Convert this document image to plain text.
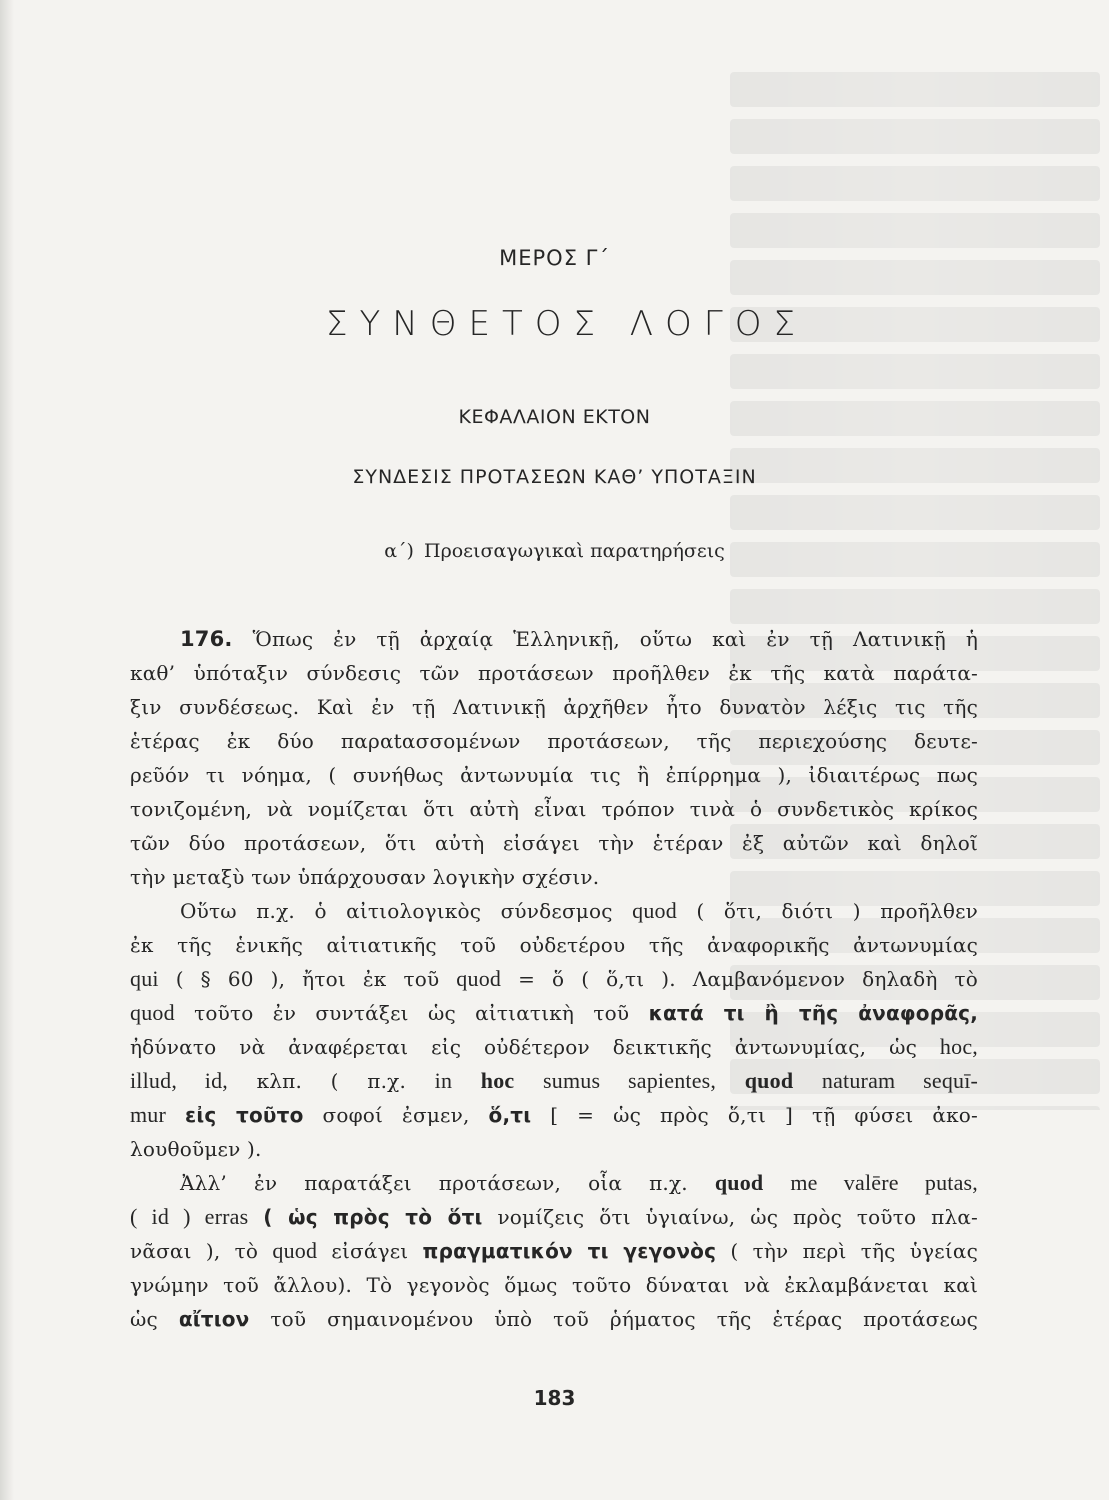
ΜΕΡΟΣ Γ΄
ΣΥΝΘΕΤΟΣ ΛΟΓΟΣ
ΚΕΦΑΛΑΙΟΝ ΕΚΤΟΝ
ΣΥΝΔΕΣΙΣ ΠΡΟΤΑΣΕΩΝ ΚΑΘ’ ΥΠΟΤΑΞΙΝ
α΄) Προεισαγωγικαὶ παρατηρήσεις
176. Ὅπως ἐν τῇ ἀρχαίᾳ Ἑλληνικῇ, οὕτω καὶ ἐν τῇ Λατινικῇ ἡ
καθ’ ὑπόταξιν σύνδεσις τῶν προτάσεων προῆλθεν ἐκ τῆς κατὰ παράτα-
ξιν συνδέσεως. Καὶ ἐν τῇ Λατινικῇ ἀρχῆθεν ἦτο δυνατὸν λέξις τις τῆς
ἑτέρας ἐκ δύο παραtασσομένων προτάσεων, τῆς περιεχούσης δευτε-
ρεῦόν τι νόημα, ( συνήθως ἀντωνυμία τις ἢ ἐπίρρημα ), ἰδιαιτέρως πως
τονιζομένη, νὰ νομίζεται ὅτι αὐτὴ εἶναι τρόπον τινὰ ὁ συνδετικὸς κρίκος
τῶν δύο προτάσεων, ὅτι αὐτὴ εἰσάγει τὴν ἑτέραν ἐξ αὐτῶν καὶ δηλοῖ
τὴν μεταξὺ των ὑπάρχουσαν λογικὴν σχέσιν.
Οὕτω π.χ. ὁ αἰτιολογικὸς σύνδεσμος quod ( ὅτι, διότι ) προῆλθεν
ἐκ τῆς ἑνικῆς αἰτιατικῆς τοῦ οὐδετέρου τῆς ἀναφορικῆς ἀντωνυμίας
qui ( § 60 ), ἤτοι ἐκ τοῦ quod = ὅ ( ὅ,τι ). Λαμβανόμενον δηλαδὴ τὸ
quod τοῦτο ἐν συντάξει ὡς αἰτιατικὴ τοῦ κατά τι ἢ τῆς ἀναφορᾶς,
ἠδύνατο νὰ ἀναφέρεται εἰς οὐδέτερον δεικτικῆς ἀντωνυμίας, ὡς hoc,
illud, id, κλπ. ( π.χ. in hoc sumus sapientes, quod naturam sequī-
mur εἰς τοῦτο σοφοί ἐσμεν, ὅ,τι [ = ὡς πρὸς ὅ,τι ] τῇ φύσει ἀκο-
λουθοῦμεν ).
Ἀλλ’ ἐν παρατάξει προτάσεων, οἷα π.χ. quod me valēre putas,
( id ) erras ( ὡς πρὸς τὸ ὅτι νομίζεις ὅτι ὑγιαίνω, ὡς πρὸς τοῦτο πλα-
νᾶσαι ), τὸ quod εἰσάγει πραγματικόν τι γεγονὸς ( τὴν περὶ τῆς ὑγείας
γνώμην τοῦ ἄλλου). Τὸ γεγονὸς ὅμως τοῦτο δύναται νὰ ἐκλαμβάνεται καὶ
ὡς αἴτιον τοῦ σημαινομένου ὑπὸ τοῦ ῥήματος τῆς ἑτέρας προτάσεως
183
